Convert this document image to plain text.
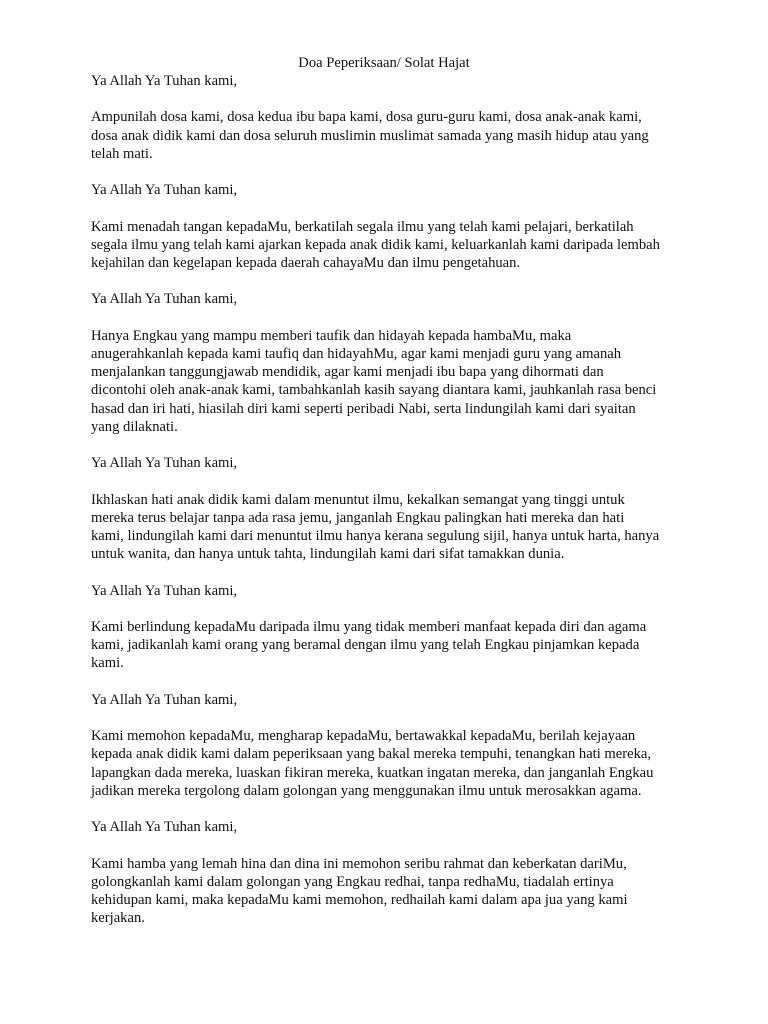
Doa Peperiksaan/ Solat Hajat
Ya Allah Ya Tuhan kami,
Ampunilah dosa kami, dosa kedua ibu bapa kami, dosa guru-guru kami, dosa anak-anak kami,
dosa anak didik kami dan dosa seluruh muslimin muslimat samada yang masih hidup atau yang
telah mati.
Ya Allah Ya Tuhan kami,
Kami menadah tangan kepadaMu, berkatilah segala ilmu yang telah kami pelajari, berkatilah
segala ilmu yang telah kami ajarkan kepada anak didik kami, keluarkanlah kami daripada lembah
kejahilan dan kegelapan kepada daerah cahayaMu dan ilmu pengetahuan.
Ya Allah Ya Tuhan kami,
Hanya Engkau yang mampu memberi taufik dan hidayah kepada hambaMu, maka
anugerahkanlah kepada kami taufiq dan hidayahMu, agar kami menjadi guru yang amanah
menjalankan tanggungjawab mendidik, agar kami menjadi ibu bapa yang dihormati dan
dicontohi oleh anak-anak kami, tambahkanlah kasih sayang diantara kami, jauhkanlah rasa benci
hasad dan iri hati, hiasilah diri kami seperti peribadi Nabi, serta lindungilah kami dari syaitan
yang dilaknati.
Ya Allah Ya Tuhan kami,
Ikhlaskan hati anak didik kami dalam menuntut ilmu, kekalkan semangat yang tinggi untuk
mereka terus belajar tanpa ada rasa jemu, janganlah Engkau palingkan hati mereka dan hati
kami, lindungilah kami dari menuntut ilmu hanya kerana segulung sijil, hanya untuk harta, hanya
untuk wanita, dan hanya untuk tahta, lindungilah kami dari sifat tamakkan dunia.
Ya Allah Ya Tuhan kami,
Kami berlindung kepadaMu daripada ilmu yang tidak memberi manfaat kepada diri dan agama
kami, jadikanlah kami orang yang beramal dengan ilmu yang telah Engkau pinjamkan kepada
kami.
Ya Allah Ya Tuhan kami,
Kami memohon kepadaMu, mengharap kepadaMu, bertawakkal kepadaMu, berilah kejayaan
kepada anak didik kami dalam peperiksaan yang bakal mereka tempuhi, tenangkan hati mereka,
lapangkan dada mereka, luaskan fikiran mereka, kuatkan ingatan mereka, dan janganlah Engkau
jadikan mereka tergolong dalam golongan yang menggunakan ilmu untuk merosakkan agama.
Ya Allah Ya Tuhan kami,
Kami hamba yang lemah hina dan dina ini memohon seribu rahmat dan keberkatan dariMu,
golongkanlah kami dalam golongan yang Engkau redhai, tanpa redhaMu, tiadalah ertinya
kehidupan kami, maka kepadaMu kami memohon, redhailah kami dalam apa jua yang kami
kerjakan.
